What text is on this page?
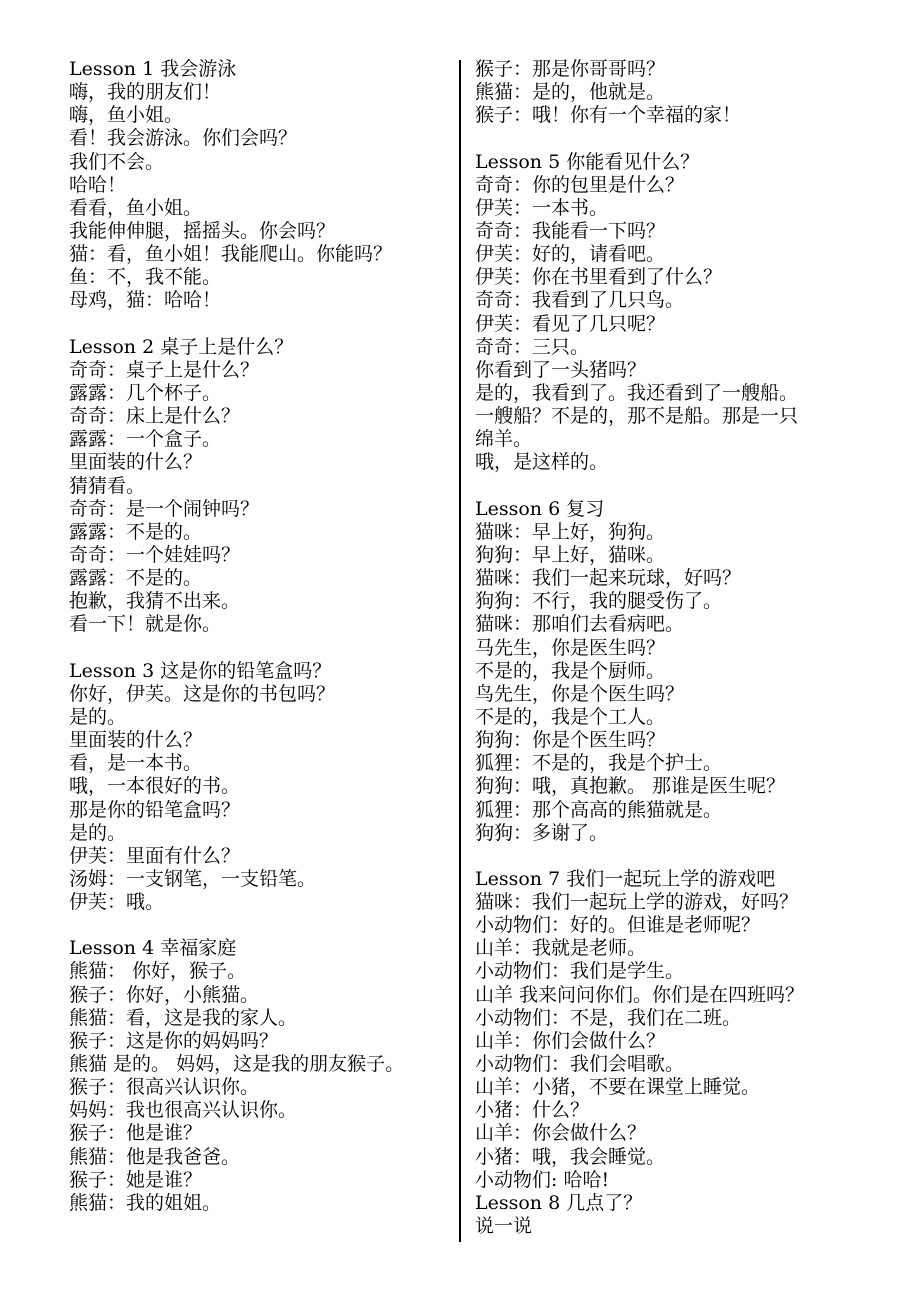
Lesson 1 我会游泳
嗨，我的朋友们！
嗨，鱼小姐。
看！我会游泳。你们会吗？
我们不会。
哈哈！
看看，鱼小姐。
我能伸伸腿，摇摇头。你会吗？
猫：看，鱼小姐！我能爬山。你能吗？
鱼：不，我不能。
母鸡，猫：哈哈！
Lesson 2 桌子上是什么？
奇奇：桌子上是什么？
露露：几个杯子。
奇奇：床上是什么？
露露：一个盒子。
里面装的什么？
猜猜看。
奇奇：是一个闹钟吗？
露露：不是的。
奇奇：一个娃娃吗？
露露：不是的。
抱歉，我猜不出来。
看一下！就是你。
Lesson 3 这是你的铅笔盒吗？
你好，伊芙。这是你的书包吗？
是的。
里面装的什么？
看，是一本书。
哦，一本很好的书。
那是你的铅笔盒吗？
是的。
伊芙：里面有什么？
汤姆：一支钢笔，一支铅笔。
伊芙：哦。
Lesson 4 幸福家庭
熊猫： 你好，猴子。
猴子：你好，小熊猫。
熊猫：看，这是我的家人。
猴子：这是你的妈妈吗？
熊猫 是的。 妈妈，这是我的朋友猴子。
猴子：很高兴认识你。
妈妈：我也很高兴认识你。
猴子：他是谁？
熊猫：他是我爸爸。
猴子：她是谁？
熊猫：我的姐姐。
猴子：那是你哥哥吗？
熊猫：是的，他就是。
猴子：哦！你有一个幸福的家！
Lesson 5 你能看见什么？
奇奇：你的包里是什么？
伊芙：一本书。
奇奇：我能看一下吗？
伊芙：好的，请看吧。
伊芙：你在书里看到了什么？
奇奇：我看到了几只鸟。
伊芙：看见了几只呢？
奇奇：三只。
你看到了一头猪吗？
是的，我看到了。我还看到了一艘船。
一艘船？不是的，那不是船。那是一只
绵羊。
哦，是这样的。
Lesson 6 复习
猫咪：早上好，狗狗。
狗狗：早上好，猫咪。
猫咪：我们一起来玩球，好吗？
狗狗：不行，我的腿受伤了。
猫咪：那咱们去看病吧。
马先生，你是医生吗？
不是的，我是个厨师。
鸟先生，你是个医生吗？
不是的，我是个工人。
狗狗：你是个医生吗？
狐狸：不是的，我是个护士。
狗狗：哦，真抱歉。 那谁是医生呢？
狐狸：那个高高的熊猫就是。
狗狗：多谢了。
Lesson 7 我们一起玩上学的游戏吧
猫咪：我们一起玩上学的游戏，好吗？
小动物们：好的。但谁是老师呢？
山羊：我就是老师。
小动物们：我们是学生。
山羊 我来问问你们。你们是在四班吗？
小动物们：不是，我们在二班。
山羊：你们会做什么？
小动物们：我们会唱歌。
山羊：小猪，不要在课堂上睡觉。
小猪：什么？
山羊：你会做什么？
小猪：哦，我会睡觉。
小动物们: 哈哈!
Lesson 8 几点了？
说一说
